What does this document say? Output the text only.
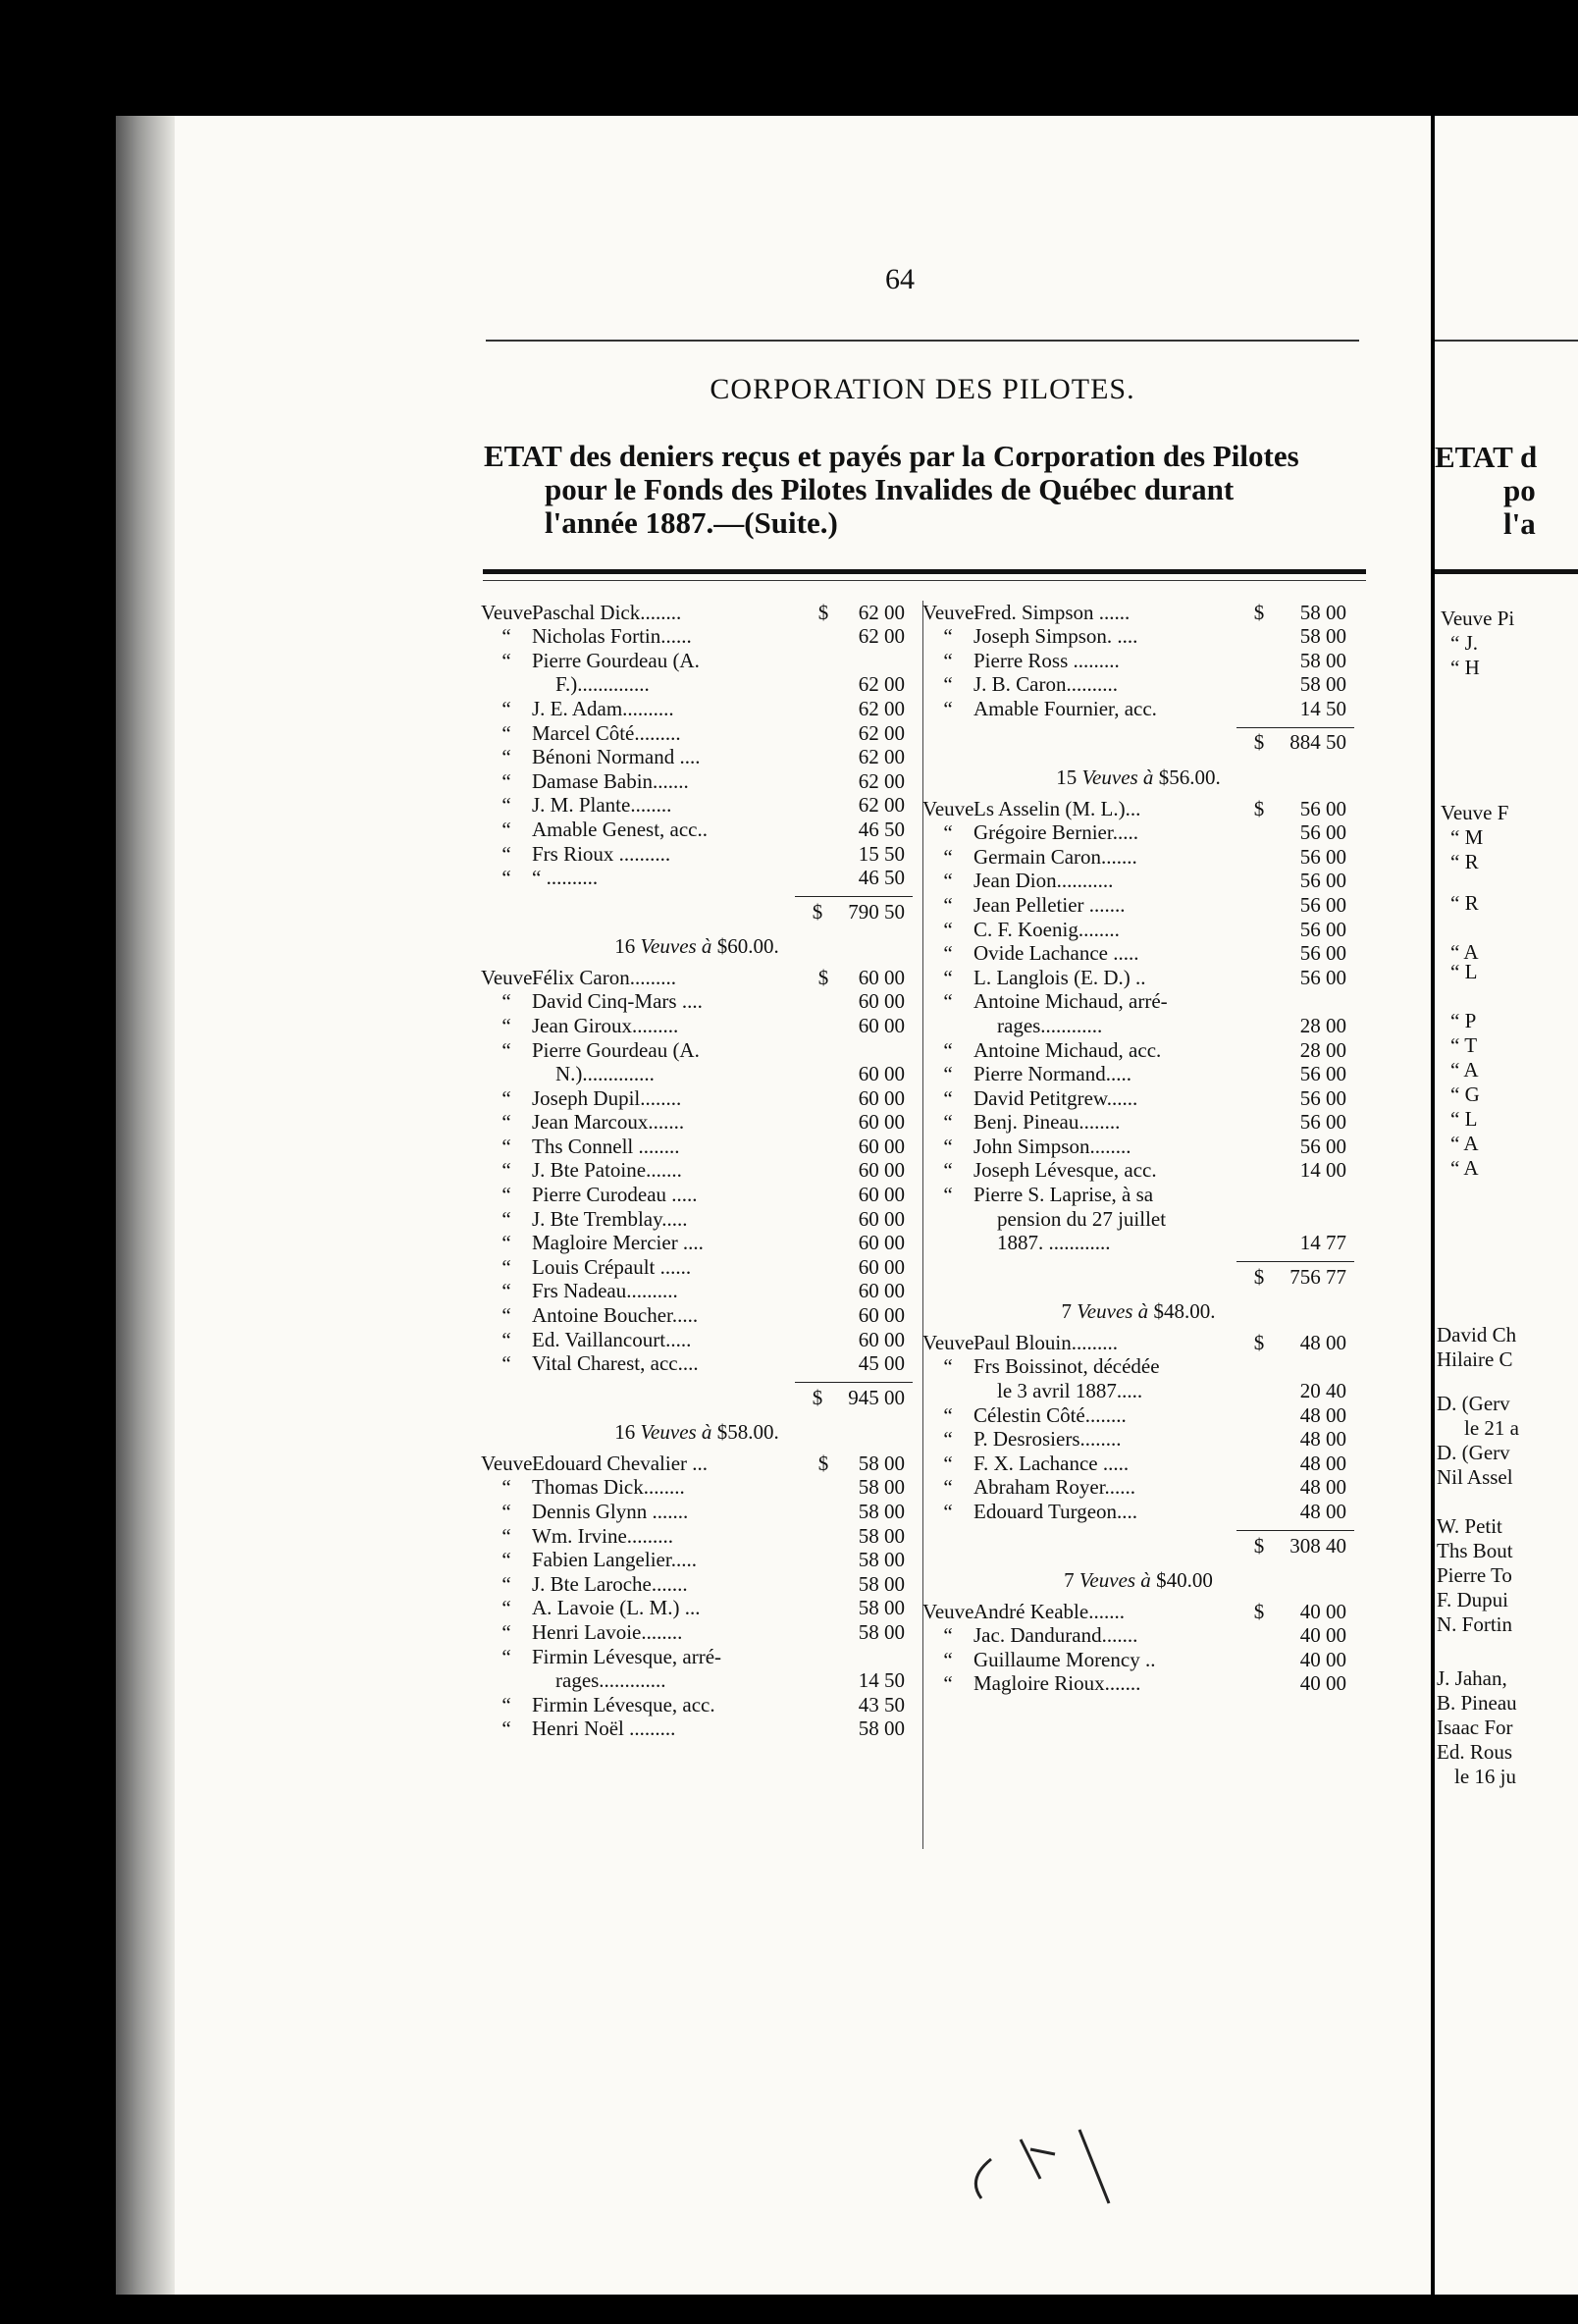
64
CORPORATION DES PILOTES.
ETAT des deniers reçus et payés par la Corporation des Pilotes
pour le Fonds des Pilotes Invalides de Québec durant
l'année 1887.—(Suite.)
Veuve Paschal Dick........	$	62 00
“	Nicholas Fortin......	62 00
“	Pierre Gourdeau (A.
F.)..............	62 00
“	J. E. Adam..........	62 00
“	Marcel Côté.........	62 00
“	Bénoni Normand ....	62 00
“	Damase Babin.......	62 00
“	J. M. Plante........	62 00
“	Amable Genest, acc..	46 50
“	Frs Rioux ..........	15 50
“	“ ..........	46 50
$	790 50
16 Veuves à $60.00.
Veuve Félix Caron.........	$	60 00
“	David Cinq-Mars ....	60 00
“	Jean Giroux.........	60 00
“	Pierre Gourdeau (A.
N.)..............	60 00
“	Joseph Dupil........	60 00
“	Jean Marcoux.......	60 00
“	Ths Connell ........	60 00
“	J. Bte Patoine.......	60 00
“	Pierre Curodeau .....	60 00
“	J. Bte Tremblay.....	60 00
“	Magloire Mercier ....	60 00
“	Louis Crépault ......	60 00
“	Frs Nadeau..........	60 00
“	Antoine Boucher.....	60 00
“	Ed. Vaillancourt.....	60 00
“	Vital Charest, acc....	45 00
$	945 00
16 Veuves à $58.00.
Veuve Edouard Chevalier ...	$	58 00
“	Thomas Dick........	58 00
“	Dennis Glynn .......	58 00
“	Wm. Irvine.........	58 00
“	Fabien Langelier.....	58 00
“	J. Bte Laroche.......	58 00
“	A. Lavoie (L. M.) ...	58 00
“	Henri Lavoie........	58 00
“	Firmin Lévesque, arré-
rages.............	14 50
“	Firmin Lévesque, acc.	43 50
“	Henri Noël .........	58 00
Veuve Fred. Simpson ......	$	58 00
“	Joseph Simpson. ....	58 00
“	Pierre Ross .........	58 00
“	J. B. Caron..........	58 00
“	Amable Fournier, acc.	14 50
$	884 50
15 Veuves à $56.00.
Veuve Ls Asselin (M. L.)...	$	56 00
“	Grégoire Bernier.....	56 00
“	Germain Caron.......	56 00
“	Jean Dion...........	56 00
“	Jean Pelletier .......	56 00
“	C. F. Koenig........	56 00
“	Ovide Lachance .....	56 00
“	L. Langlois (E. D.) ..	56 00
“	Antoine Michaud, arré-
rages............	28 00
“	Antoine Michaud, acc.	28 00
“	Pierre Normand.....	56 00
“	David Petitgrew......	56 00
“	Benj. Pineau........	56 00
“	John Simpson........	56 00
“	Joseph Lévesque, acc.	14 00
“	Pierre S. Laprise, à sa
pension du 27 juillet
1887. ............	14 77
$	756 77
7 Veuves à $48.00.
Veuve Paul Blouin.........	$	48 00
“	Frs Boissinot, décédée
le 3 avril 1887.....	20 40
“	Célestin Côté........	48 00
“	P. Desrosiers........	48 00
“	F. X. Lachance .....	48 00
“	Abraham Royer......	48 00
“	Edouard Turgeon....	48 00
$	308 40
7 Veuves à $40.00
Veuve André Keable.......	$	40 00
“	Jac. Dandurand.......	40 00
“	Guillaume Morency ..	40 00
“	Magloire Rioux.......	40 00
ETAT d
po
l'a
Veuve Pi
“ J.
“ H
Veuve F
“ M
“ R
“ R
“ A
“ L
“ P
“ T
“ A
“ G
“ L
“ A
“ A
David Ch
Hilaire C
D. (Gerv
le 21 a
D. (Gerv
Nil Assel
W. Petit
Ths Bout
Pierre To
F. Dupui
N. Fortin
J. Jahan,
B. Pineau
Isaac For
Ed. Rous
le 16 ju
